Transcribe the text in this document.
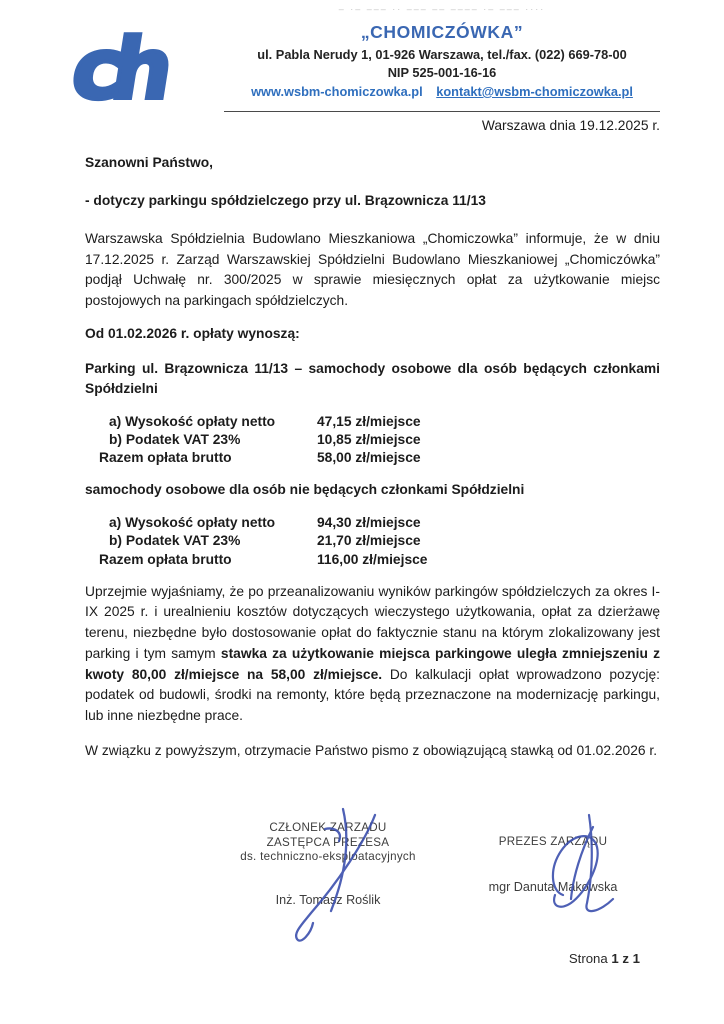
ch
– ·– ––– ·· ––– –– –––– ·– ––– ····
„CHOMICZÓWKA”
ul. Pabla Nerudy 1, 01-926 Warszawa, tel./fax. (022) 669-78-00
NIP 525-001-16-16
www.wsbm-chomiczowka.pl kontakt@wsbm-chomiczowka.pl

Warszawa dnia 19.12.2025 r.

Szanowni Państwo,

- dotyczy parkingu spółdzielczego przy ul. Brązownicza 11/13

Warszawska Spółdzielnia Budowlano Mieszkaniowa „Chomiczowka” informuje, że w dniu 17.12.2025 r. Zarząd Warszawskiej Spółdzielni Budowlano Mieszkaniowej „Chomiczówka” podjął Uchwałę nr. 300/2025 w sprawie miesięcznych opłat za użytkowanie miejsc postojowych na parkingach spółdzielczych.

Od 01.02.2026 r. opłaty wynoszą:

Parking ul. Brązownicza 11/13 – samochody osobowe dla osób będących członkami Spółdzielni

a) Wysokość opłaty netto	47,15 zł/miejsce
b) Podatek VAT 23%	10,85 zł/miejsce
Razem opłata brutto	58,00 zł/miejsce

samochody osobowe dla osób nie będących członkami Spółdzielni

a) Wysokość opłaty netto	94,30 zł/miejsce
b) Podatek VAT 23%	21,70 zł/miejsce
Razem opłata brutto	116,00 zł/miejsce

Uprzejmie wyjaśniamy, że po przeanalizowaniu wyników parkingów spółdzielczych za okres I-IX 2025 r. i urealnieniu kosztów dotyczących wieczystego użytkowania, opłat za dzierżawę terenu, niezbędne było dostosowanie opłat do faktycznie stanu na którym zlokalizowany jest parking i tym samym stawka za użytkowanie miejsca parkingowe uległa zmniejszeniu z kwoty 80,00 zł/miejsce na 58,00 zł/miejsce. Do kalkulacji opłat wprowadzono pozycję: podatek od budowli, środki na remonty, które będą przeznaczone na modernizację parkingu, lub inne niezbędne prace.

W związku z powyższym, otrzymacie Państwo pismo z obowiązującą stawką od 01.02.2026 r.

CZŁONEK ZARZĄDU
ZASTĘPCA PREZESA
ds. techniczno-eksploatacyjnych
Inż. Tomasz Roślik
PREZES ZARZĄDU
mgr Danuta Makowska
Strona 1 z 1
